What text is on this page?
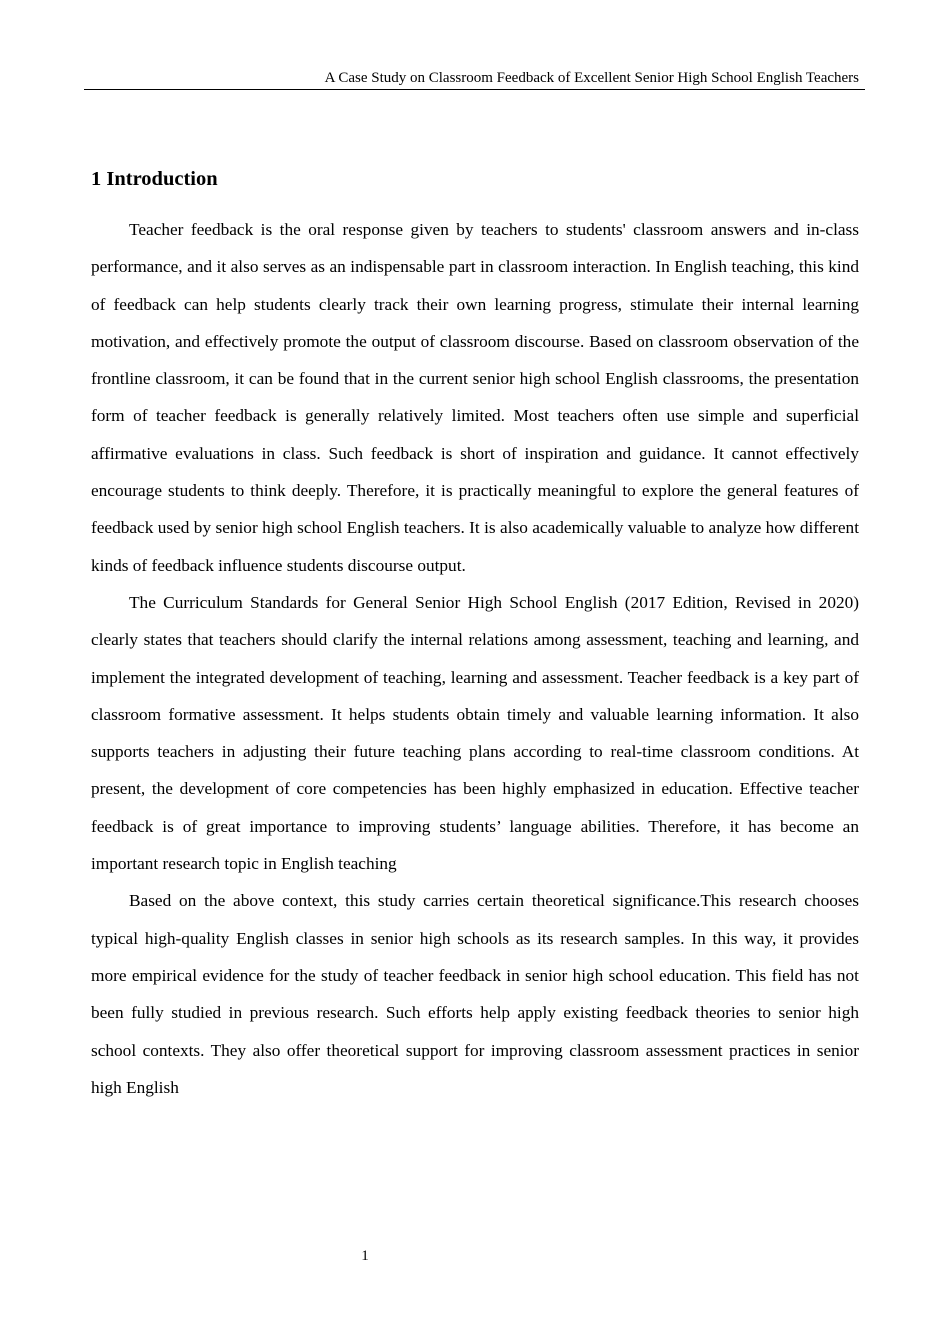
A Case Study on Classroom Feedback of Excellent Senior High School English Teachers
1 Introduction

Teacher feedback is the oral response given by teachers to students' classroom answers and in-class performance, and it also serves as an indispensable part in classroom interaction. In English teaching, this kind of feedback can help students clearly track their own learning progress, stimulate their internal learning motivation, and effectively promote the output of classroom discourse. Based on classroom observation of the frontline classroom, it can be found that in the current senior high school English classrooms, the presentation form of teacher feedback is generally relatively limited. Most teachers often use simple and superficial affirmative evaluations in class. Such feedback is short of inspiration and guidance. It cannot effectively encourage students to think deeply. Therefore, it is practically meaningful to explore the general features of feedback used by senior high school English teachers. It is also academically valuable to analyze how different kinds of feedback influence students discourse output.

The Curriculum Standards for General Senior High School English (2017 Edition, Revised in 2020) clearly states that teachers should clarify the internal relations among assessment, teaching and learning, and implement the integrated development of teaching, learning and assessment. Teacher feedback is a key part of classroom formative assessment. It helps students obtain timely and valuable learning information. It also supports teachers in adjusting their future teaching plans according to real-time classroom conditions. At present, the development of core competencies has been highly emphasized in education. Effective teacher feedback is of great importance to improving students’ language abilities. Therefore, it has become an important research topic in English teaching

Based on the above context, this study carries certain theoretical significance.This research chooses typical high-quality English classes in senior high schools as its research samples. In this way, it provides more empirical evidence for the study of teacher feedback in senior high school education. This field has not been fully studied in previous research. Such efforts help apply existing feedback theories to senior high school contexts. They also offer theoretical support for improving classroom assessment practices in senior high English

1
